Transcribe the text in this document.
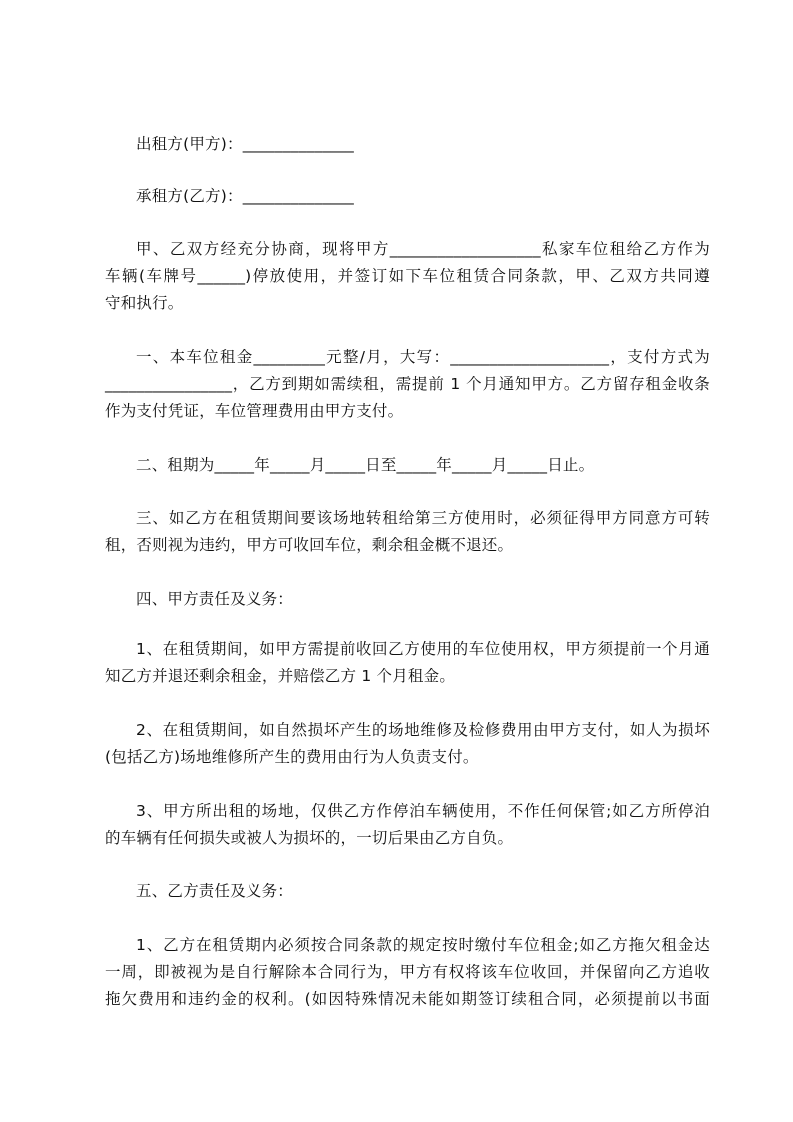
出租方(甲方)：______________
承租方(乙方)：______________
甲、乙双方经充分协商，现将甲方___________________私家车位租给乙方作为
车辆(车牌号______)停放使用，并签订如下车位租赁合同条款，甲、乙双方共同遵
守和执行。
一、本车位租金_________元整/月，大写：____________________，支付方式为
________________，乙方到期如需续租，需提前 1 个月通知甲方。乙方留存租金收条
作为支付凭证，车位管理费用由甲方支付。
二、租期为_____年_____月_____日至_____年_____月_____日止。
三、如乙方在租赁期间要该场地转租给第三方使用时，必须征得甲方同意方可转
租，否则视为违约，甲方可收回车位，剩余租金概不退还。
四、甲方责任及义务：
1、在租赁期间，如甲方需提前收回乙方使用的车位使用权，甲方须提前一个月通
知乙方并退还剩余租金，并赔偿乙方 1 个月租金。
2、在租赁期间，如自然损坏产生的场地维修及检修费用由甲方支付，如人为损坏
(包括乙方)场地维修所产生的费用由行为人负责支付。
3、甲方所出租的场地，仅供乙方作停泊车辆使用，不作任何保管;如乙方所停泊
的车辆有任何损失或被人为损坏的，一切后果由乙方自负。
五、乙方责任及义务：
1、乙方在租赁期内必须按合同条款的规定按时缴付车位租金;如乙方拖欠租金达
一周，即被视为是自行解除本合同行为，甲方有权将该车位收回，并保留向乙方追收
拖欠费用和违约金的权利。(如因特殊情况未能如期签订续租合同，必须提前以书面
